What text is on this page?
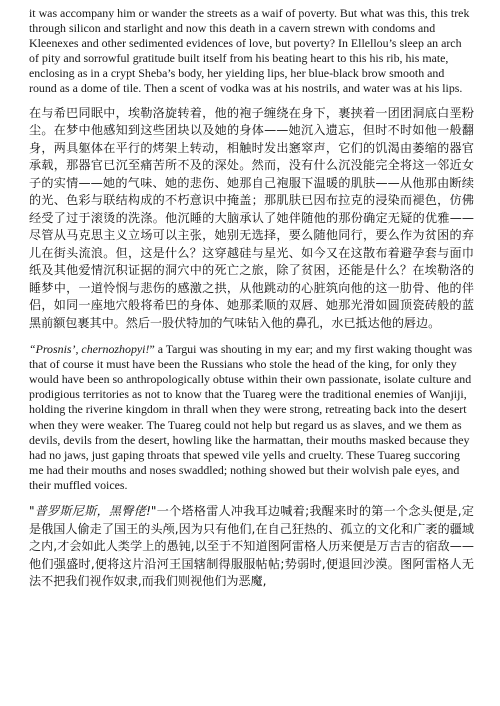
it was accompany him or wander the streets as a waif of poverty. But what was this, this trek through silicon and starlight and now this death in a cavern strewn with condoms and Kleenexes and other sedimented evidences of love, but poverty? In Ellellou’s sleep an arch of pity and sorrowful gratitude built itself from his beating heart to this his rib, his mate, enclosing as in a crypt Sheba’s body, her yielding lips, her blue-black brow smooth and round as a dome of tile. Then a scent of vodka was at his nostrils, and water was at his lips.

在与希巴同眠中，埃勒洛旋转着，他的袍子缠绕在身下，裹挟着一团团洞底白垩粉尘。在梦中他感知到这些团块以及她的身体——她沉入遗忘，但时不时如他一般翻身，两具躯体在平行的烤架上转动，相触时发出窸窣声，它们的饥渴由萎缩的器官承载，那器官已沉至痛苦所不及的深处。然而，没有什么沉没能完全将这一邻近女子的实情——她的气味、她的悲伤、她那自己袍服下温暖的肌肤——从他那由断续的光、色彩与联结构成的不朽意识中掩盖；那肌肤已因布拉克的浸染而褪色，仿佛经受了过于滚烫的洗涤。他沉睡的大脑承认了她伴随他的那份确定无疑的优雅——尽管从马克思主义立场可以主张，她别无选择，要么随他同行，要么作为贫困的弃儿在街头流浪。但，这是什么？这穿越硅与星光、如今又在这散布着避孕套与面巾纸及其他爱情沉积证据的洞穴中的死亡之旅，除了贫困，还能是什么？在埃勒洛的睡梦中，一道怜悯与悲伤的感激之拱，从他跳动的心脏筑向他的这一肋骨、他的伴侣，如同一座地穴般将希巴的身体、她那柔顺的双唇、她那光滑如圆顶瓷砖般的蓝黑前额包裹其中。然后一股伏特加的气味钻入他的鼻孔，水已抵达他的唇边。

“Prosnis’, chernozhopyi!” a Targui was shouting in my ear; and my first waking thought was that of course it must have been the Russians who stole the head of the king, for only they would have been so anthropologically obtuse within their own passionate, isolate culture and prodigious territories as not to know that the Tuareg were the traditional enemies of Wanjiji, holding the riverine kingdom in thrall when they were strong, retreating back into the desert when they were weaker. The Tuareg could not help but regard us as slaves, and we them as devils, devils from the desert, howling like the harmattan, their mouths masked because they had no jaws, just gaping throats that spewed vile yells and cruelty. These Tuareg succoring me had their mouths and noses swaddled; nothing showed but their wolvish pale eyes, and their muffled voices.

"普罗斯尼斯，黑臀佬!"一个塔格雷人冲我耳边喊着;我醒来时的第一个念头便是,定是俄国人偷走了国王的头颅,因为只有他们,在自己狂热的、孤立的文化和广袤的疆域之内,才会如此人类学上的愚钝,以至于不知道图阿雷格人历来便是万吉吉的宿敌——他们强盛时,便将这片沿河王国辖制得服服帖帖;势弱时,便退回沙漠。图阿雷格人无法不把我们视作奴隶,而我们则视他们为恶魔,
